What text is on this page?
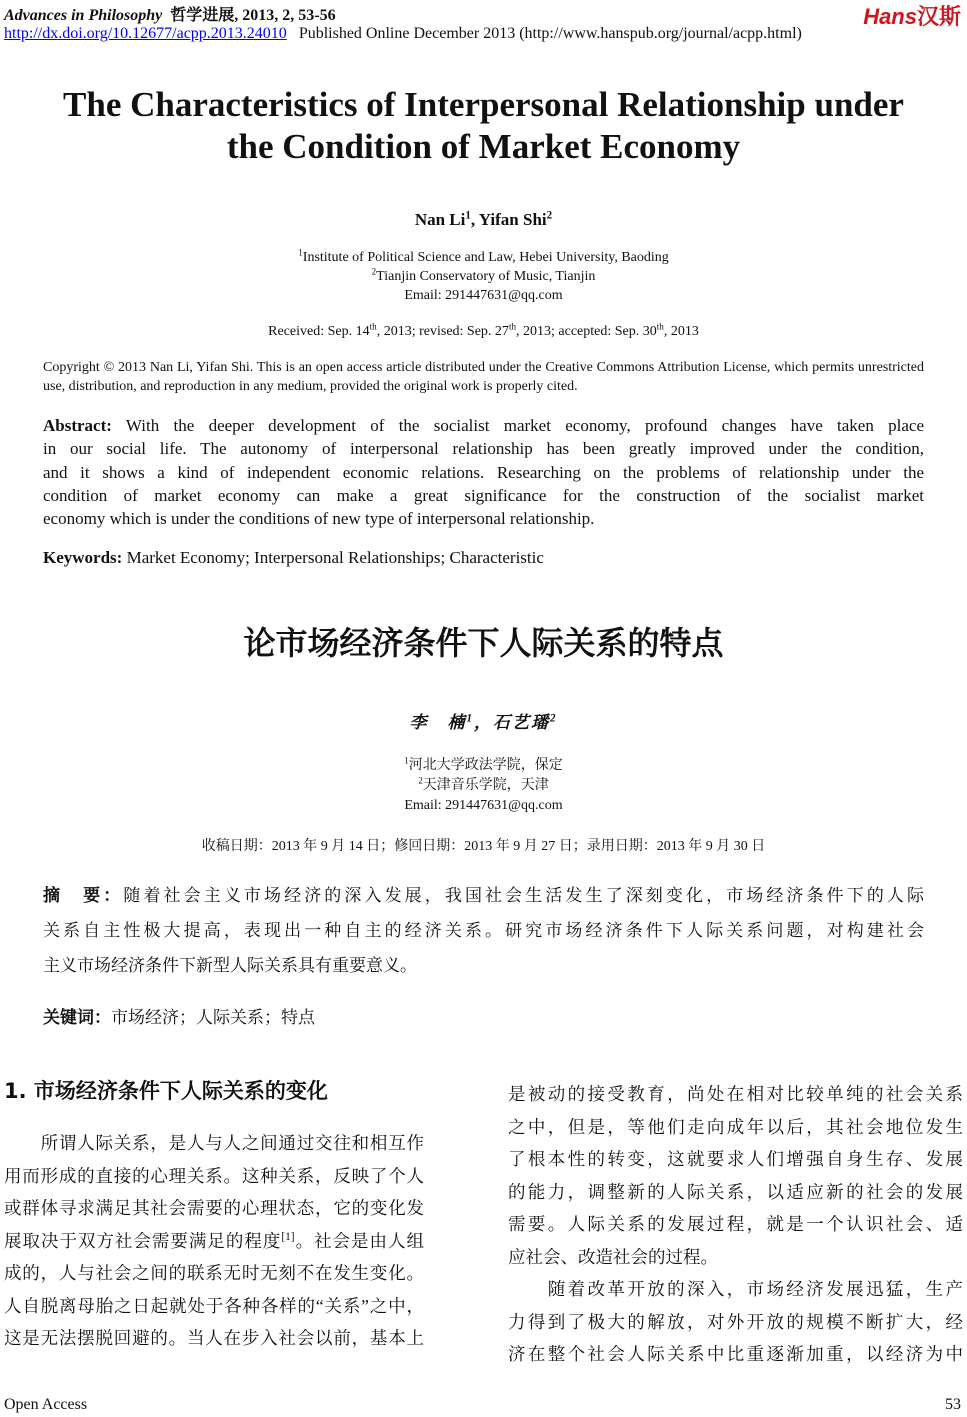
Advances in Philosophy 哲学进展, 2013, 2, 53-56
http://dx.doi.org/10.12677/acpp.2013.24010 Published Online December 2013 (http://www.hanspub.org/journal/acpp.html)
Hans汉斯
The Characteristics of Interpersonal Relationship under
the Condition of Market Economy
Nan Li$^1$, Yifan Shi$^2$
$^1$Institute of Political Science and Law, Hebei University, Baoding
$^2$Tianjin Conservatory of Music, Tianjin
Email: 291447631@qq.com
Received: Sep. 14th, 2013; revised: Sep. 27th, 2013; accepted: Sep. 30th, 2013
Copyright © 2013 Nan Li, Yifan Shi. This is an open access article distributed under the Creative Commons Attribution License, which permits unrestricted use, distribution, and reproduction in any medium, provided the original work is properly cited.
Abstract: With the deeper development of the socialist market economy, profound changes have taken place
in our social life. The autonomy of interpersonal relationship has been greatly improved under the condition,
and it shows a kind of independent economic relations. Researching on the problems of relationship under the
condition of market economy can make a great significance for the construction of the socialist market
economy which is under the conditions of new type of interpersonal relationship.
Keywords: Market Economy; Interpersonal Relationships; Characteristic
论市场经济条件下人际关系的特点
李　楠$^1$，石艺璠$^2$
$^1$河北大学政法学院，保定
$^2$天津音乐学院，天津
Email: 291447631@qq.com
收稿日期：2013 年 9 月 14 日；修回日期：2013 年 9 月 27 日；录用日期：2013 年 9 月 30 日
摘　要：随着社会主义市场经济的深入发展，我国社会生活发生了深刻变化，市场经济条件下的人际
关系自主性极大提高，表现出一种自主的经济关系。研究市场经济条件下人际关系问题，对构建社会
主义市场经济条件下新型人际关系具有重要意义。
关键词：市场经济；人际关系；特点
1. 市场经济条件下人际关系的变化
　　所谓人际关系，是人与人之间通过交往和相互作
用而形成的直接的心理关系。这种关系，反映了个人
或群体寻求满足其社会需要的心理状态，它的变化发
展取决于双方社会需要满足的程度[1]。社会是由人组
成的，人与社会之间的联系无时无刻不在发生变化。
人自脱离母胎之日起就处于各种各样的“关系”之中，
这是无法摆脱回避的。当人在步入社会以前，基本上
是被动的接受教育，尚处在相对比较单纯的社会关系
之中，但是，等他们走向成年以后，其社会地位发生
了根本性的转变，这就要求人们增强自身生存、发展
的能力，调整新的人际关系，以适应新的社会的发展
需要。人际关系的发展过程，就是一个认识社会、适
应社会、改造社会的过程。
　　随着改革开放的深入，市场经济发展迅猛，生产
力得到了极大的解放，对外开放的规模不断扩大，经
济在整个社会人际关系中比重逐渐加重，以经济为中
Open Access	53
